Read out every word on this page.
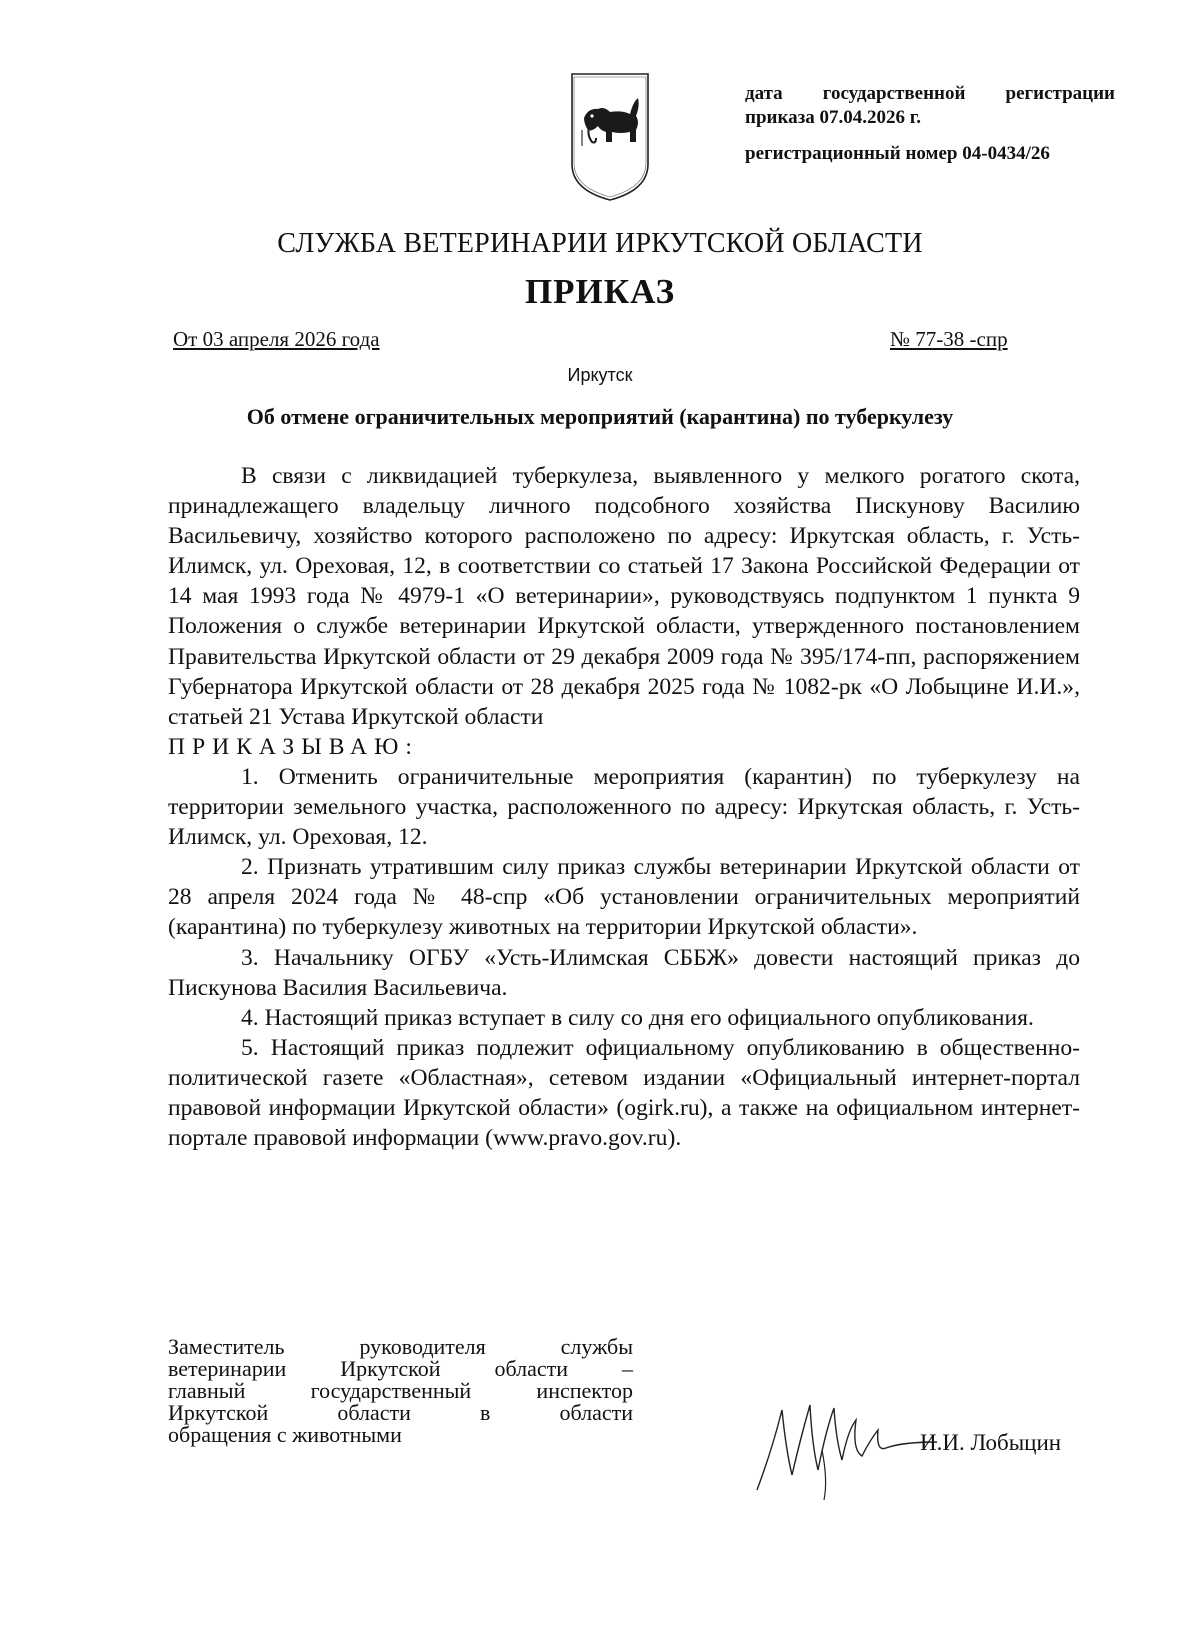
дата государственной регистрации
приказа 07.04.2026 г.
регистрационный номер 04-0434/26
СЛУЖБА ВЕТЕРИНАРИИ ИРКУТСКОЙ ОБЛАСТИ
ПРИКАЗ
От 03 апреля 2026 года	№ 77-38 -спр
Иркутск
Об отмене ограничительных мероприятий (карантина) по туберкулезу

В связи с ликвидацией туберкулеза, выявленного у мелкого рогатого скота, принадлежащего владельцу личного подсобного хозяйства Пискунову Василию Васильевичу, хозяйство которого расположено по адресу: Иркутская область, г. Усть-Илимск, ул. Ореховая, 12, в соответствии со статьей 17 Закона Российской Федерации от 14 мая 1993 года № 4979-1 «О ветеринарии», руководствуясь подпунктом 1 пункта 9 Положения о службе ветеринарии Иркутской области, утвержденного постановлением Правительства Иркутской области от 29 декабря 2009 года № 395/174-пп, распоряжением Губернатора Иркутской области от 28 декабря 2025 года № 1082-рк «О Лобыцине И.И.», статьей 21 Устава Иркутской области

ПРИКАЗЫВАЮ:

1. Отменить ограничительные мероприятия (карантин) по туберкулезу на территории земельного участка, расположенного по адресу: Иркутская область, г. Усть-Илимск, ул. Ореховая, 12.

2. Признать утратившим силу приказ службы ветеринарии Иркутской области от 28 апреля 2024 года № 48-спр «Об установлении ограничительных мероприятий (карантина) по туберкулезу животных на территории Иркутской области».

3. Начальнику ОГБУ «Усть-Илимская СББЖ» довести настоящий приказ до Пискунова Василия Васильевича.

4. Настоящий приказ вступает в силу со дня его официального опубликования.

5. Настоящий приказ подлежит официальному опубликованию в общественно-политической газете «Областная», сетевом издании «Официальный интернет-портал правовой информации Иркутской области» (ogirk.ru), а также на официальном интернет-портале правовой информации (www.pravo.gov.ru).

Заместитель руководителя службы
ветеринарии Иркутской области –
главный государственный инспектор
Иркутской области в области
обращения с животными	И.И. Лобыцин
